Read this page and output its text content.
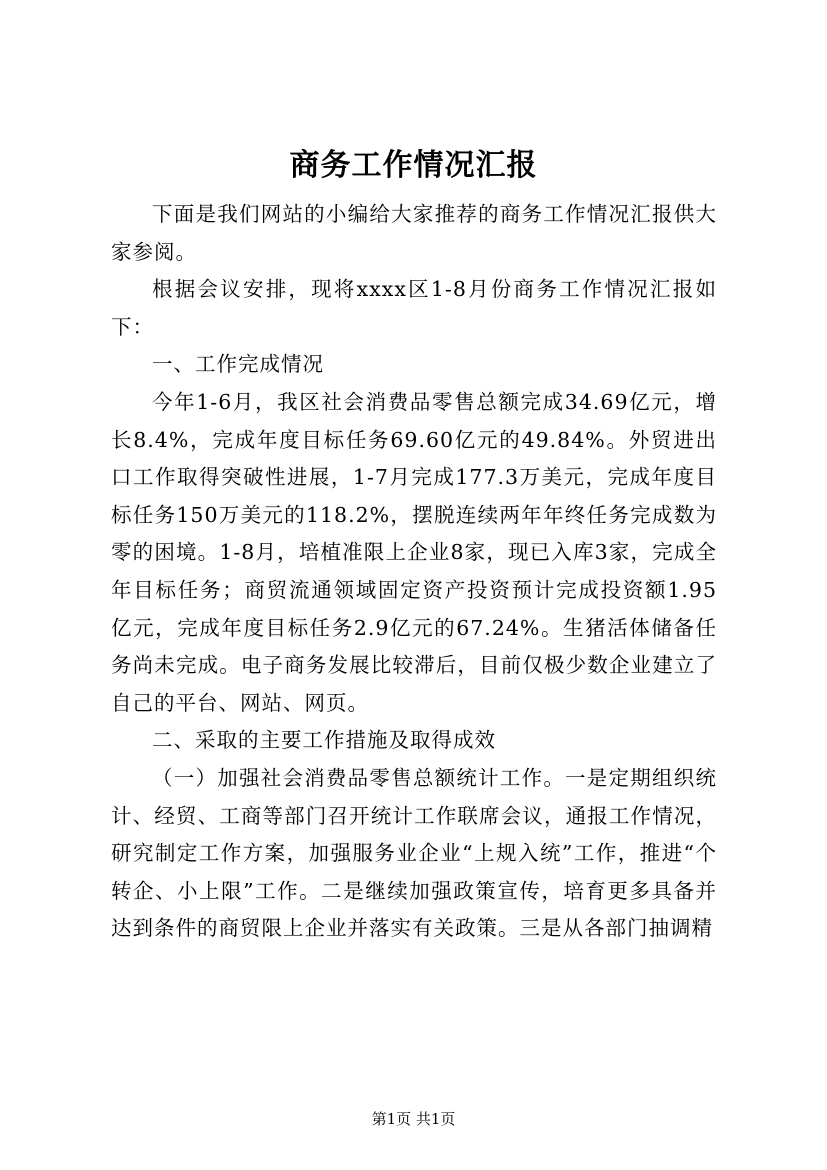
商务工作情况汇报

下面是我们网站的小编给大家推荐的商务工作情况汇报供大家参阅。

根据会议安排，现将xxxx区1-8月份商务工作情况汇报如下：

一、工作完成情况

今年1-6月，我区社会消费品零售总额完成34.69亿元，增长8.4%，完成年度目标任务69.60亿元的49.84%。外贸进出口工作取得突破性进展，1-7月完成177.3万美元，完成年度目标任务150万美元的118.2%，摆脱连续两年年终任务完成数为零的困境。1-8月，培植准限上企业8家，现已入库3家，完成全年目标任务；商贸流通领域固定资产投资预计完成投资额1.95亿元，完成年度目标任务2.9亿元的67.24%。生猪活体储备任务尚未完成。电子商务发展比较滞后，目前仅极少数企业建立了自己的平台、网站、网页。

二、采取的主要工作措施及取得成效

（一）加强社会消费品零售总额统计工作。一是定期组织统计、经贸、工商等部门召开统计工作联席会议，通报工作情况，研究制定工作方案，加强服务业企业“上规入统”工作，推进“个转企、小上限”工作。二是继续加强政策宣传，培育更多具备并达到条件的商贸限上企业并落实有关政策。三是从各部门抽调精

第1页 共1页
